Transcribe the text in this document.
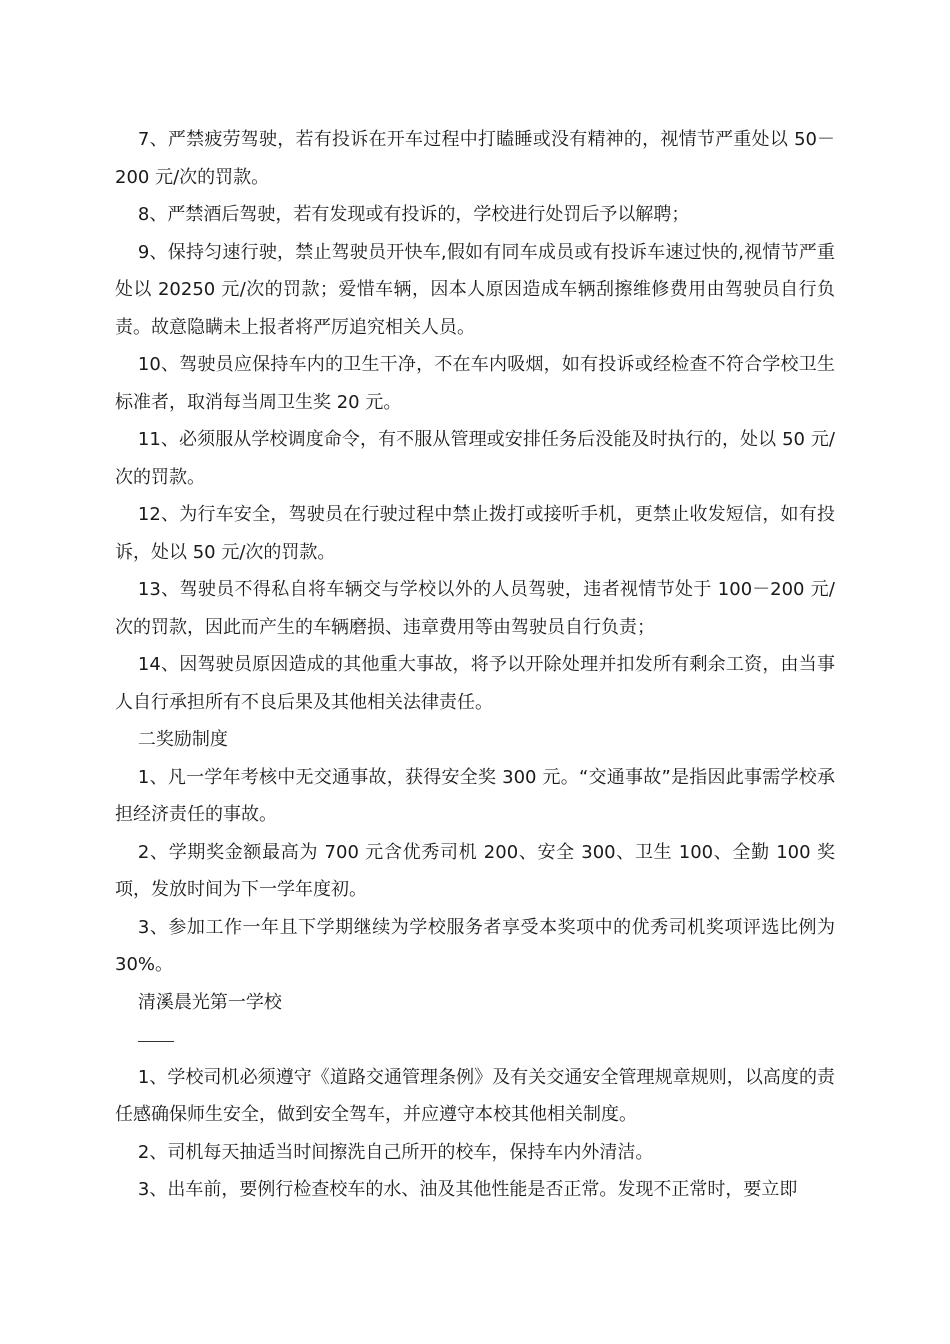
7、严禁疲劳驾驶，若有投诉在开车过程中打瞌睡或没有精神的，视情节严重处以 50－200 元/次的罚款。

8、严禁酒后驾驶，若有发现或有投诉的，学校进行处罚后予以解聘；

9、保持匀速行驶，禁止驾驶员开快车,假如有同车成员或有投诉车速过快的,视情节严重处以 20250 元/次的罚款；爱惜车辆，因本人原因造成车辆刮擦维修费用由驾驶员自行负责。故意隐瞒未上报者将严厉追究相关人员。

10、驾驶员应保持车内的卫生干净，不在车内吸烟，如有投诉或经检查不符合学校卫生标准者，取消每当周卫生奖 20 元。

11、必须服从学校调度命令，有不服从管理或安排任务后没能及时执行的，处以 50 元/次的罚款。

12、为行车安全，驾驶员在行驶过程中禁止拨打或接听手机，更禁止收发短信，如有投诉，处以 50 元/次的罚款。

13、驾驶员不得私自将车辆交与学校以外的人员驾驶，违者视情节处于 100－200 元/次的罚款，因此而产生的车辆磨损、违章费用等由驾驶员自行负责；

14、因驾驶员原因造成的其他重大事故，将予以开除处理并扣发所有剩余工资，由当事人自行承担所有不良后果及其他相关法律责任。

二奖励制度

1、凡一学年考核中无交通事故，获得安全奖 300 元。“交通事故”是指因此事需学校承担经济责任的事故。

2、学期奖金额最高为 700 元含优秀司机 200、安全 300、卫生 100、全勤 100 奖项，发放时间为下一学年度初。

3、参加工作一年且下学期继续为学校服务者享受本奖项中的优秀司机奖项评选比例为 30%。

清溪晨光第一学校

1、学校司机必须遵守《道路交通管理条例》及有关交通安全管理规章规则，以高度的责任感确保师生安全，做到安全驾车，并应遵守本校其他相关制度。

2、司机每天抽适当时间擦洗自己所开的校车，保持车内外清洁。

3、出车前，要例行检查校车的水、油及其他性能是否正常。发现不正常时，要立即
